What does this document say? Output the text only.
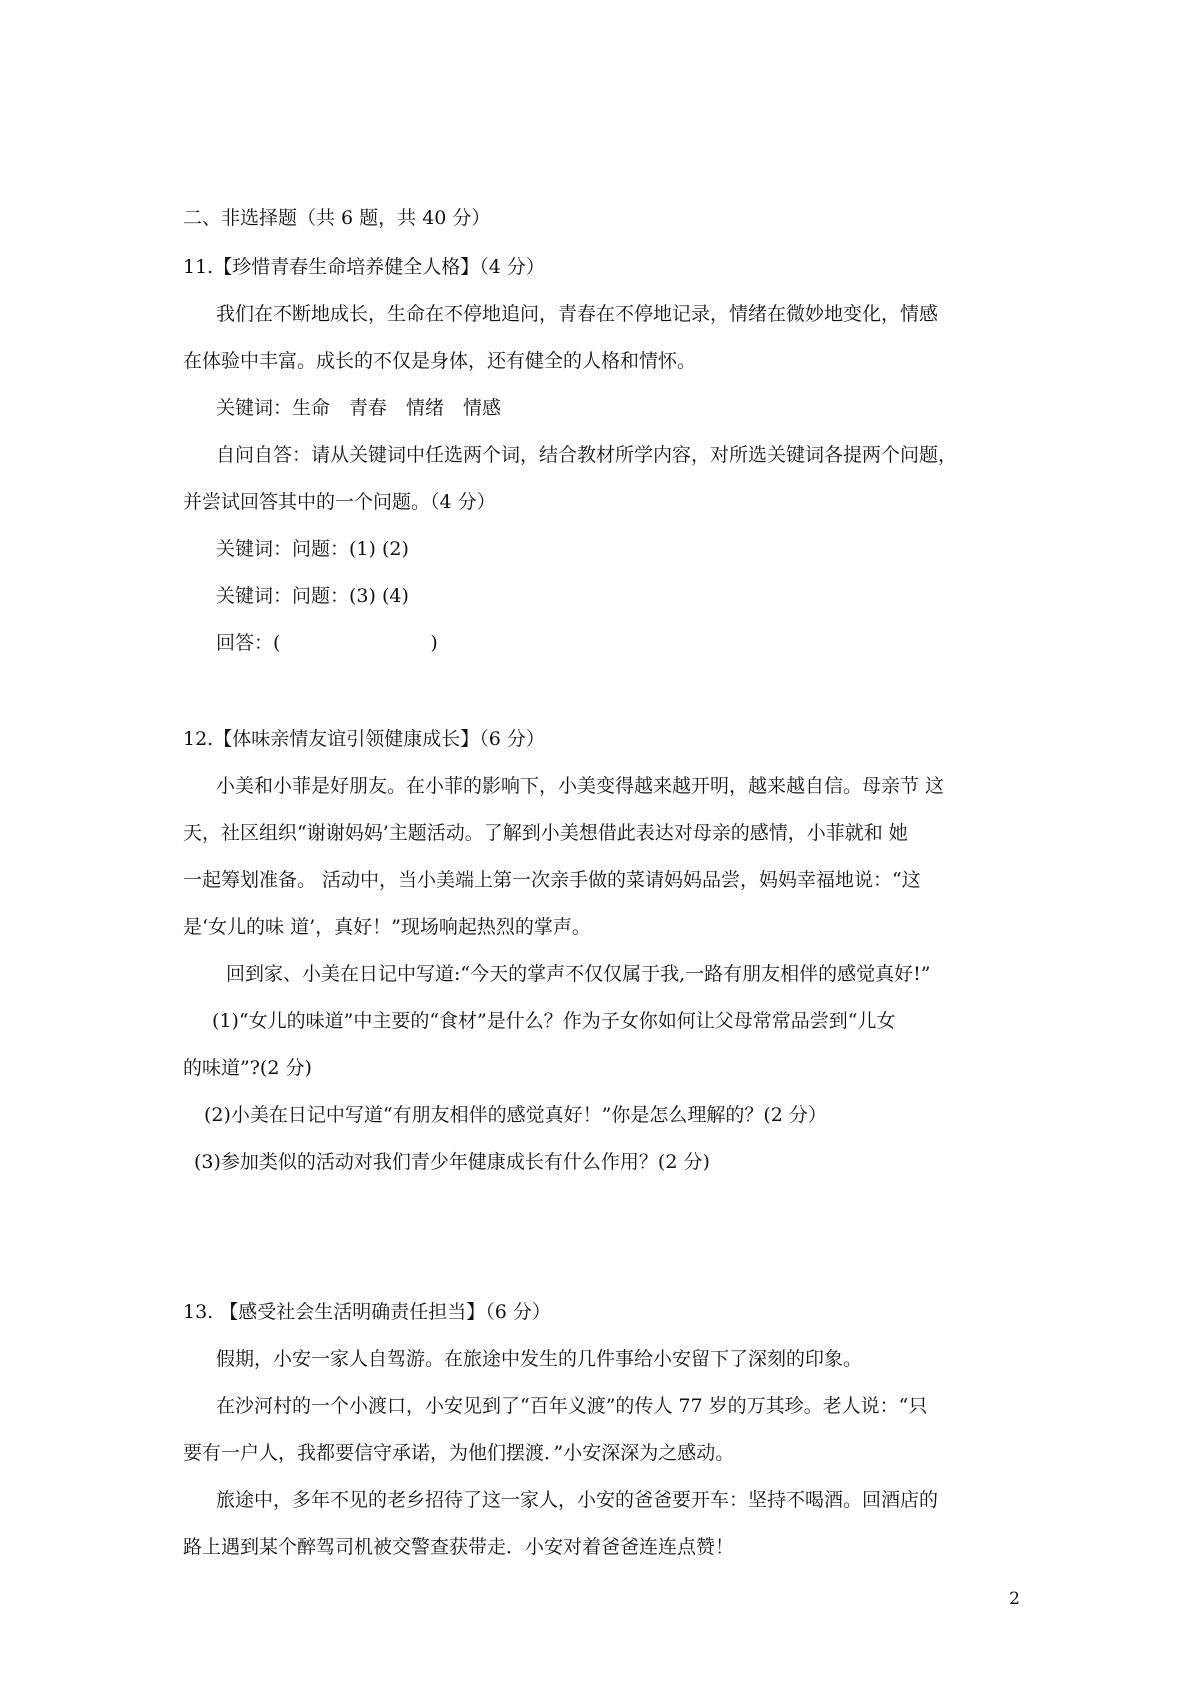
二、非选择题（共 6 题，共 40 分）
11.【珍惜青春生命培养健全人格】（4 分）
我们在不断地成长，生命在不停地追问，青春在不停地记录，情绪在微妙地变化，情感
在体验中丰富。成长的不仅是身体，还有健全的人格和情怀。
关键词：生命　青春　情绪　情感
自问自答：请从关键词中任选两个词，结合教材所学内容，对所选关键词各提两个问题，
并尝试回答其中的一个问题。（4 分）
关键词：问题：(1) (2)
关键词：问题：(3) (4)
回答：(	)
12.【体味亲情友谊引领健康成长】（6 分）
小美和小菲是好朋友。在小菲的影响下，小美变得越来越开明，越来越自信。母亲节 这
天，社区组织“谢谢妈妈’主题活动。了解到小美想借此表达对母亲的感情，小菲就和 她
一起筹划准备。 活动中，当小美端上第一次亲手做的菜请妈妈品尝，妈妈幸福地说：“这
是‘女儿的味 道’，真好！”现场响起热烈的掌声。
回到家、小美在日记中写道:“今天的掌声不仅仅属于我,一路有朋友相伴的感觉真好!”
(1)“女儿的味道”中主要的“食材”是什么？作为子女你如何让父母常常品尝到“儿女
的味道”?(2 分)
(2)小美在日记中写道“有朋友相伴的感觉真好！”你是怎么理解的？(2 分）
(3)参加类似的活动对我们青少年健康成长有什么作用？(2 分)
13. 【感受社会生活明确责任担当】（6 分）
假期，小安一家人自驾游。在旅途中发生的几件事给小安留下了深刻的印象。
在沙河村的一个小渡口，小安见到了“百年义渡”的传人 77 岁的万其珍。老人说：“只
要有一户人，我都要信守承诺，为他们摆渡．”小安深深为之感动。
旅途中，多年不见的老乡招待了这一家人，小安的爸爸要开车：坚持不喝酒。回酒店的
路上遇到某个醉驾司机被交警查获带走．小安对着爸爸连连点赞！
2
